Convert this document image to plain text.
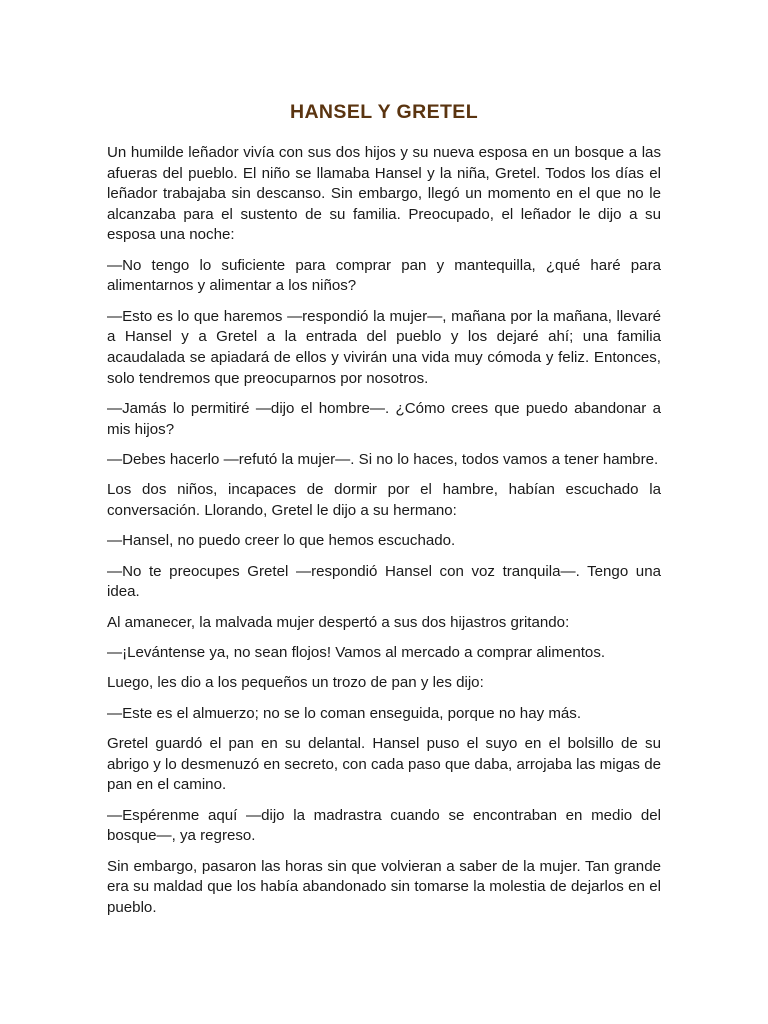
HANSEL Y GRETEL

Un humilde leñador vivía con sus dos hijos y su nueva esposa en un bosque a las afueras del pueblo. El niño se llamaba Hansel y la niña, Gretel. Todos los días el leñador trabajaba sin descanso. Sin embargo, llegó un momento en el que no le alcanzaba para el sustento de su familia. Preocupado, el leñador le dijo a su esposa una noche:

—No tengo lo suficiente para comprar pan y mantequilla, ¿qué haré para alimentarnos y alimentar a los niños?

—Esto es lo que haremos —respondió la mujer—, mañana por la mañana, llevaré a Hansel y a Gretel a la entrada del pueblo y los dejaré ahí; una familia acaudalada se apiadará de ellos y vivirán una vida muy cómoda y feliz. Entonces, solo tendremos que preocuparnos por nosotros.

—Jamás lo permitiré —dijo el hombre—. ¿Cómo crees que puedo abandonar a mis hijos?

—Debes hacerlo —refutó la mujer—. Si no lo haces, todos vamos a tener hambre.

Los dos niños, incapaces de dormir por el hambre, habían escuchado la conversación. Llorando, Gretel le dijo a su hermano:

—Hansel, no puedo creer lo que hemos escuchado.

—No te preocupes Gretel —respondió Hansel con voz tranquila—. Tengo una idea.

Al amanecer, la malvada mujer despertó a sus dos hijastros gritando:

—¡Levántense ya, no sean flojos! Vamos al mercado a comprar alimentos.

Luego, les dio a los pequeños un trozo de pan y les dijo:

—Este es el almuerzo; no se lo coman enseguida, porque no hay más.

Gretel guardó el pan en su delantal. Hansel puso el suyo en el bolsillo de su abrigo y lo desmenuzó en secreto, con cada paso que daba, arrojaba las migas de pan en el camino.

—Espérenme aquí —dijo la madrastra cuando se encontraban en medio del bosque—, ya regreso.

Sin embargo, pasaron las horas sin que volvieran a saber de la mujer. Tan grande era su maldad que los había abandonado sin tomarse la molestia de dejarlos en el pueblo.
